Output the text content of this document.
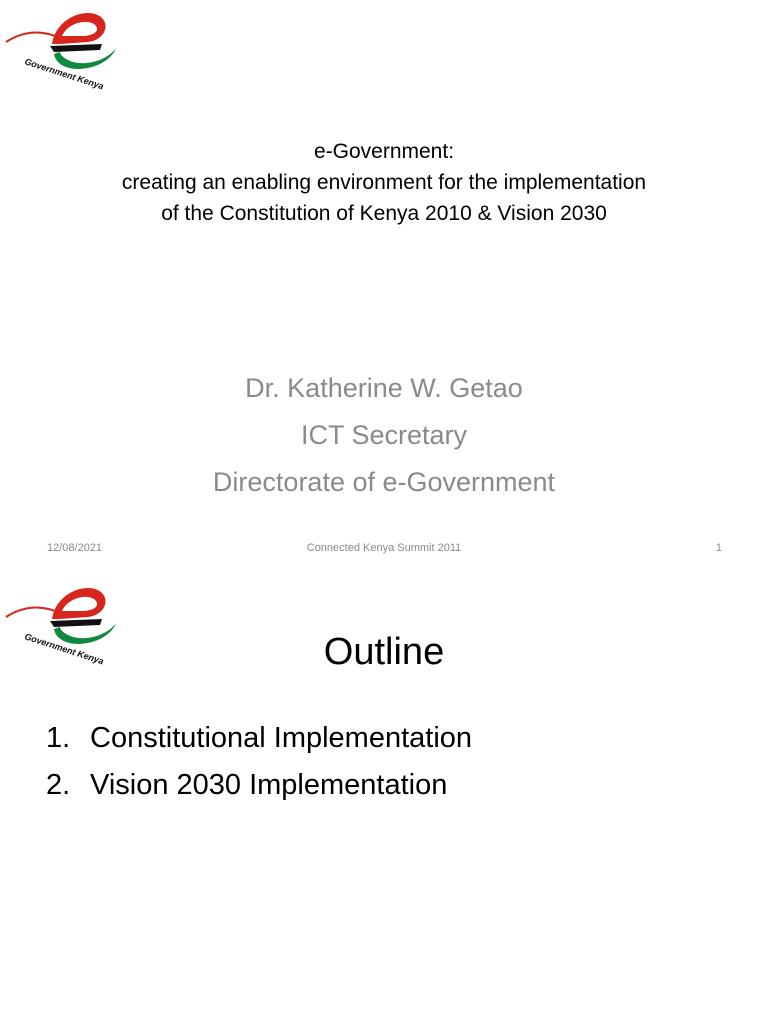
Government Kenya
e-Government:
creating an enabling environment for the implementation
of the Constitution of Kenya 2010 & Vision 2030
Dr. Katherine W. Getao
ICT Secretary
Directorate of e-Government
12/08/2021	Connected Kenya Summit 2011	1
Government Kenya	Outline
1. Constitutional Implementation
2. Vision 2030 Implementation
